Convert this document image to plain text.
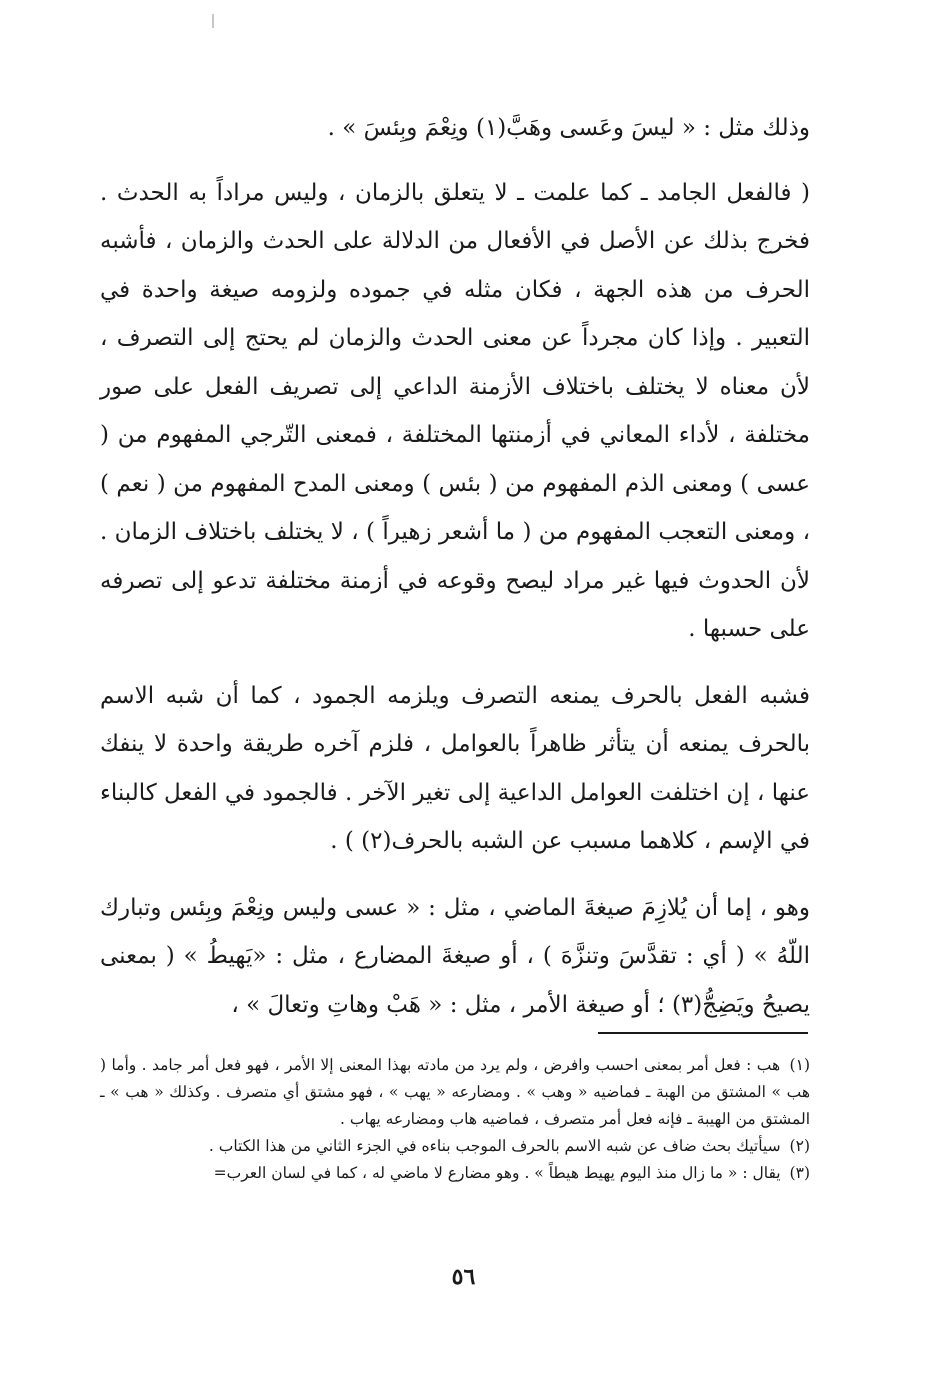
وذلك مثل : « ليسَ وعَسى وهَبَّ(١) ونِعْمَ وبِئسَ » .

( فالفعل الجامد ـ كما علمت ـ لا يتعلق بالزمان ، وليس مراداً به الحدث . فخرج بذلك عن الأصل في الأفعال من الدلالة على الحدث والزمان ، فأشبه الحرف من هذه الجهة ، فكان مثله في جموده ولزومه صيغة واحدة في التعبير . وإذا كان مجرداً عن معنى الحدث والزمان لم يحتج إلى التصرف ، لأن معناه لا يختلف باختلاف الأزمنة الداعي إلى تصريف الفعل على صور مختلفة ، لأداء المعاني في أزمنتها المختلفة ، فمعنى التّرجي المفهوم من ( عسى ) ومعنى الذم المفهوم من ( بئس ) ومعنى المدح المفهوم من ( نعم ) ، ومعنى التعجب المفهوم من ( ما أشعر زهيراً ) ، لا يختلف باختلاف الزمان . لأن الحدوث فيها غير مراد ليصح وقوعه في أزمنة مختلفة تدعو إلى تصرفه على حسبها .

فشبه الفعل بالحرف يمنعه التصرف ويلزمه الجمود ، كما أن شبه الاسم بالحرف يمنعه أن يتأثر ظاهراً بالعوامل ، فلزم آخره طريقة واحدة لا ينفك عنها ، إن اختلفت العوامل الداعية إلى تغير الآخر . فالجمود في الفعل كالبناء في الإسم ، كلاهما مسبب عن الشبه بالحرف(٢) ) .

وهو ، إما أن يُلازِمَ صيغةَ الماضي ، مثل : « عسى وليس ونِعْمَ وبِئس وتبارك اللّهُ » ( أي : تقدَّسَ وتنزَّهَ ) ، أو صيغةَ المضارع ، مثل : «يَهيطُ » ( بمعنى يصيحُ ويَضِجُّ(٣) ؛ أو صيغة الأمر ، مثل : « هَبْ وهاتِ وتعالَ » ،

(١) هب : فعل أمر بمعنى احسب وافرض ، ولم يرد من مادته بهذا المعنى إلا الأمر ، فهو فعل أمر جامد . وأما ( هب » المشتق من الهبة ـ فماضيه « وهب » . ومضارعه « يهب » ، فهو مشتق أي متصرف . وكذلك « هب » ـ المشتق من الهيبة ـ فإنه فعل أمر متصرف ، فماضيه هاب ومضارعه يهاب .

(٢) سيأتيك بحث ضاف عن شبه الاسم بالحرف الموجب بناءه في الجزء الثاني من هذا الكتاب .

(٣) يقال : « ما زال منذ اليوم يهيط هيطاً » . وهو مضارع لا ماضي له ، كما في لسان العرب=

٥٦
